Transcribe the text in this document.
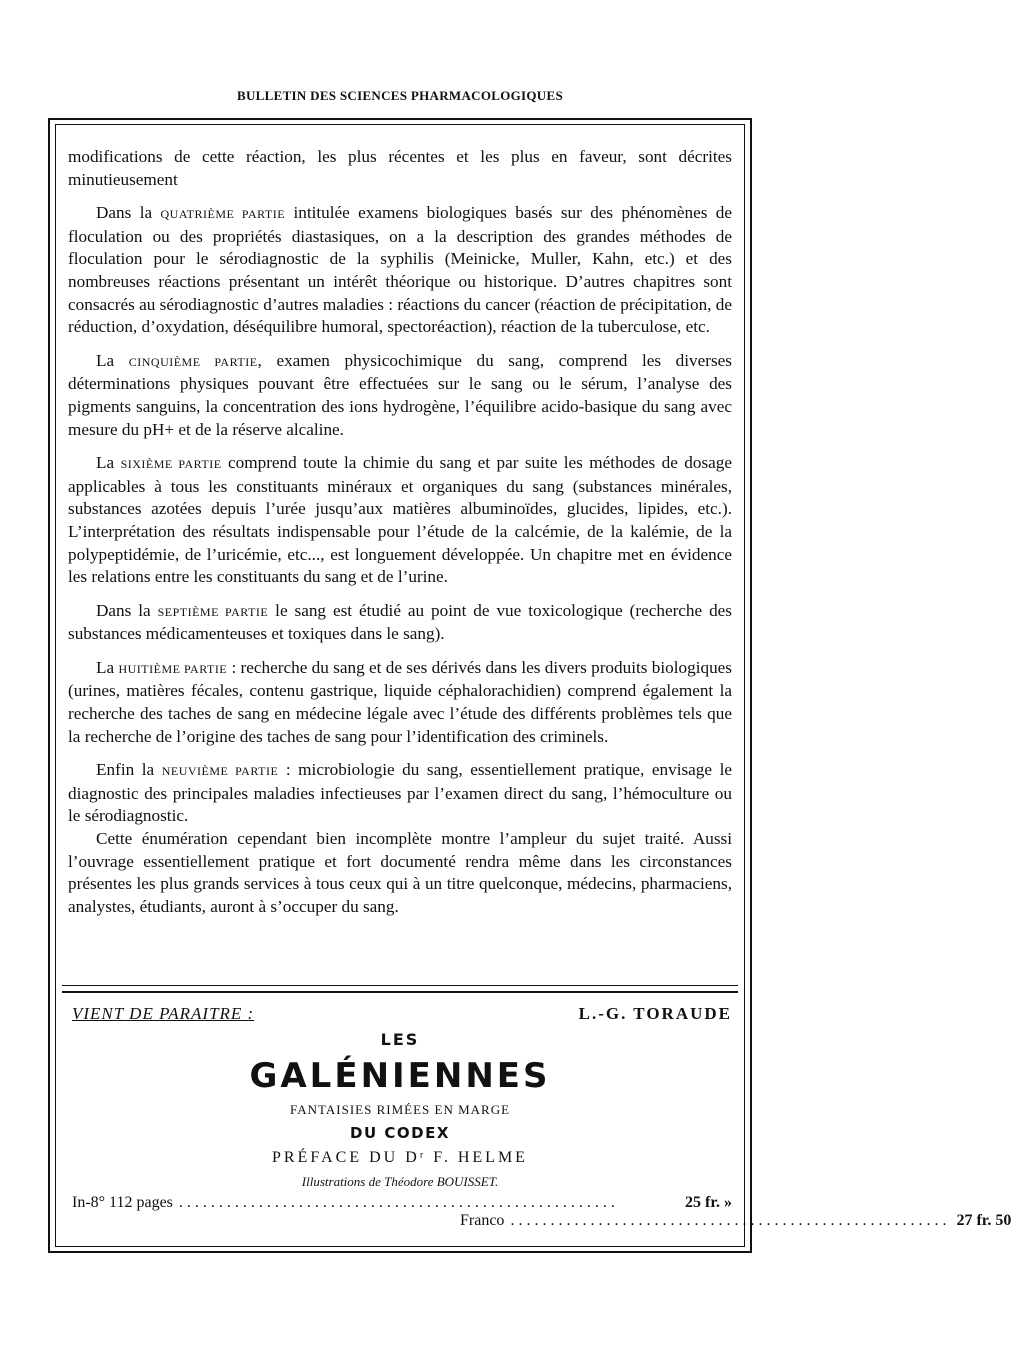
BULLETIN DES SCIENCES PHARMACOLOGIQUES

modifications de cette réaction, les plus récentes et les plus en faveur, sont décrites minutieusement

Dans la QUATRIÈME PARTIE intitulée examens biologiques basés sur des phénomènes de floculation ou des propriétés diastasiques, on a la description des grandes méthodes de floculation pour le sérodiagnostic de la syphilis (Meinicke, Muller, Kahn, etc.) et des nombreuses réactions présentant un intérêt théorique ou historique. D’autres chapitres sont consacrés au sérodiagnostic d’autres maladies : réactions du cancer (réaction de précipitation, de réduction, d’oxydation, déséquilibre humoral, spectoréaction), réaction de la tuberculose, etc.

La CINQUIÈME PARTIE, examen physicochimique du sang, comprend les diverses déterminations physiques pouvant être effectuées sur le sang ou le sérum, l’analyse des pigments sanguins, la concentration des ions hydrogène, l’équilibre acido-basique du sang avec mesure du pH+ et de la réserve alcaline.

La SIXIÈME PARTIE comprend toute la chimie du sang et par suite les méthodes de dosage applicables à tous les constituants minéraux et organiques du sang (substances minérales, substances azotées depuis l’urée jusqu’aux matières albuminoïdes, glucides, lipides, etc.). L’interprétation des résultats indispensable pour l’étude de la calcémie, de la kalémie, de la polypeptidémie, de l’uricémie, etc..., est longuement développée. Un chapitre met en évidence les relations entre les constituants du sang et de l’urine.

Dans la SEPTIÈME PARTIE le sang est étudié au point de vue toxicologique (recherche des substances médicamenteuses et toxiques dans le sang).

La HUITIÈME PARTIE : recherche du sang et de ses dérivés dans les divers produits biologiques (urines, matières fécales, contenu gastrique, liquide céphalorachidien) comprend également la recherche des taches de sang en médecine légale avec l’étude des différents problèmes tels que la recherche de l’origine des taches de sang pour l’identification des criminels.

Enfin la NEUVIÈME PARTIE : microbiologie du sang, essentiellement pratique, envisage le diagnostic des principales maladies infectieuses par l’examen direct du sang, l’hémoculture ou le sérodiagnostic.

Cette énumération cependant bien incomplète montre l’ampleur du sujet traité. Aussi l’ouvrage essentiellement pratique et fort documenté rendra même dans les circonstances présentes les plus grands services à tous ceux qui à un titre quelconque, médecins, pharmaciens, analystes, étudiants, auront à s’occuper du sang.

VIENT DE PARAITRE :	L.-G. TORAUDE
LES
GALÉNIENNES
FANTAISIES RIMÉES EN MARGE
DU CODEX
PRÉFACE DU Dʳ F. HELME
Illustrations de Théodore BOUISSET.
In-8° 112 pages .......................................................	25 fr. »
Franco ....................................................... 27 fr. 50
